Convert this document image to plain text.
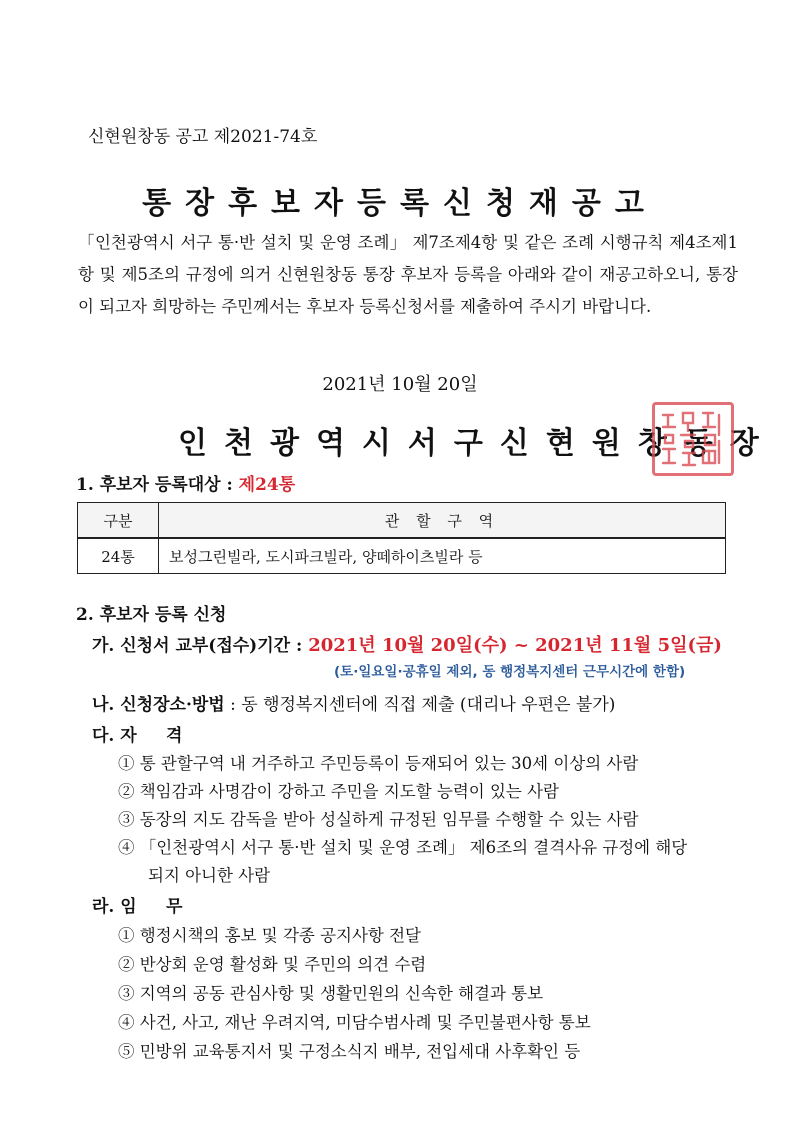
신현원창동 공고 제2021-74호
통장후보자등록신청재공고
「인천광역시 서구 통·반 설치 및 운영 조례」 제7조제4항 및 같은 조례 시행규칙 제4조제1항 및 제5조의 규정에 의거 신현원창동 통장 후보자 등록을 아래와 같이 재공고하오니, 통장이 되고자 희망하는 주민께서는 후보자 등록신청서를 제출하여 주시기 바랍니다.
2021년 10월 20일
인천광역시서구신현원창동장
1. 후보자 등록대상 : 제24통
구분	관 할 구 역
24통	보성그린빌라, 도시파크빌라, 양떼하이츠빌라 등
2. 후보자 등록 신청
가. 신청서 교부(접수)기간 : 2021년 10월 20일(수) ~ 2021년 11월 5일(금)
(토·일요일·공휴일 제외, 동 행정복지센터 근무시간에 한함)
나. 신청장소·방법 : 동 행정복지센터에 직접 제출 (대리나 우편은 불가)
다. 자 격
① 통 관할구역 내 거주하고 주민등록이 등재되어 있는 30세 이상의 사람
② 책임감과 사명감이 강하고 주민을 지도할 능력이 있는 사람
③ 동장의 지도 감독을 받아 성실하게 규정된 임무를 수행할 수 있는 사람
④ 「인천광역시 서구 통·반 설치 및 운영 조례」 제6조의 결격사유 규정에 해당
되지 아니한 사람
라. 임 무
① 행정시책의 홍보 및 각종 공지사항 전달
② 반상회 운영 활성화 및 주민의 의견 수렴
③ 지역의 공동 관심사항 및 생활민원의 신속한 해결과 통보
④ 사건, 사고, 재난 우려지역, 미담수범사례 및 주민불편사항 통보
⑤ 민방위 교육통지서 및 구정소식지 배부, 전입세대 사후확인 등
